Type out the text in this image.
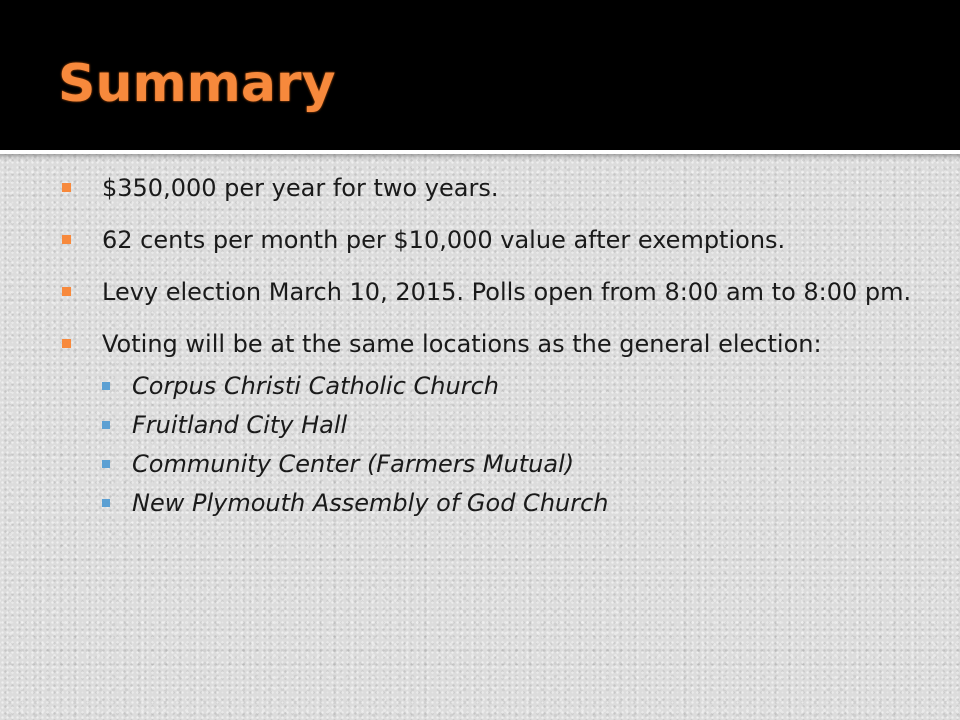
Summary
$350,000 per year for two years.
62 cents per month per $10,000 value after exemptions.
Levy election March 10, 2015. Polls open from 8:00 am to 8:00 pm.
Voting will be at the same locations as the general election:
Corpus Christi Catholic Church
Fruitland City Hall
Community Center (Farmers Mutual)
New Plymouth Assembly of God Church
